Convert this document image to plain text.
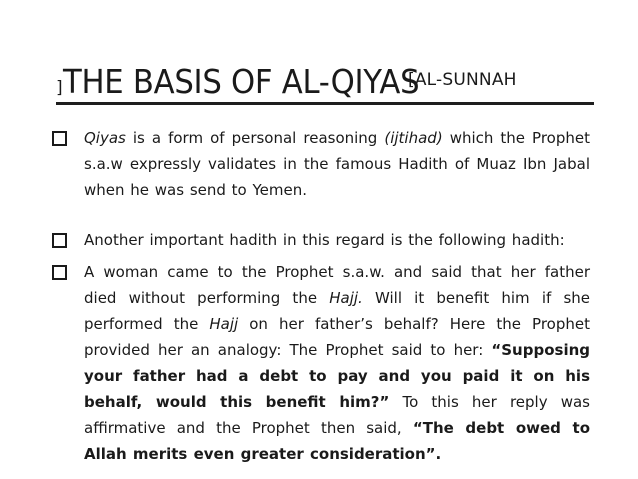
]THE BASIS OF AL-QIYAS
[AL-SUNNAH
Qiyas is a form of personal reasoning (ijtihad) which the Prophet s.a.w expressly validates in the famous Hadith of Muaz Ibn Jabal when he was send to Yemen.
Another important hadith in this regard is the following hadith:
A woman came to the Prophet s.a.w. and said that her father died without performing the Hajj. Will it benefit him if she performed the Hajj on her father’s behalf? Here the Prophet provided her an analogy: The Prophet said to her: “Supposing your father had a debt to pay and you paid it on his behalf, would this benefit him?” To this her reply was affirmative and the Prophet then said, “The debt owed to Allah merits even greater consideration”.
